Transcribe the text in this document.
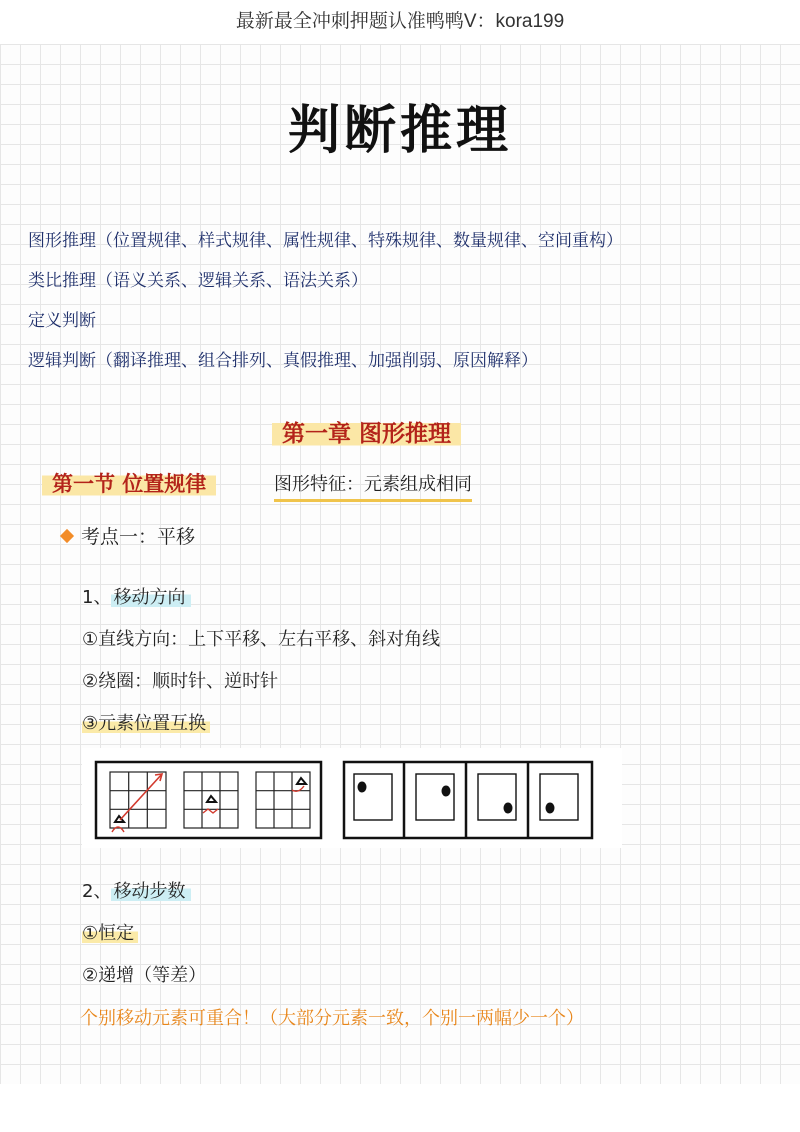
最新最全冲刺押题认准鸭鸭V：kora199
判断推理
图形推理（位置规律、样式规律、属性规律、特殊规律、数量规律、空间重构）
类比推理（语义关系、逻辑关系、语法关系）
定义判断
逻辑判断（翻译推理、组合排列、真假推理、加强削弱、原因解释）
第一章 图形推理
第一节 位置规律	图形特征：元素组成相同
考点一：平移
1、 移动方向
①直线方向：上下平移、左右平移、斜对角线
②绕圈：顺时针、逆时针
③元素位置互换
2、 移动步数
①恒定
②递增（等差）
个别移动元素可重合！（大部分元素一致，个别一两幅少一个）
